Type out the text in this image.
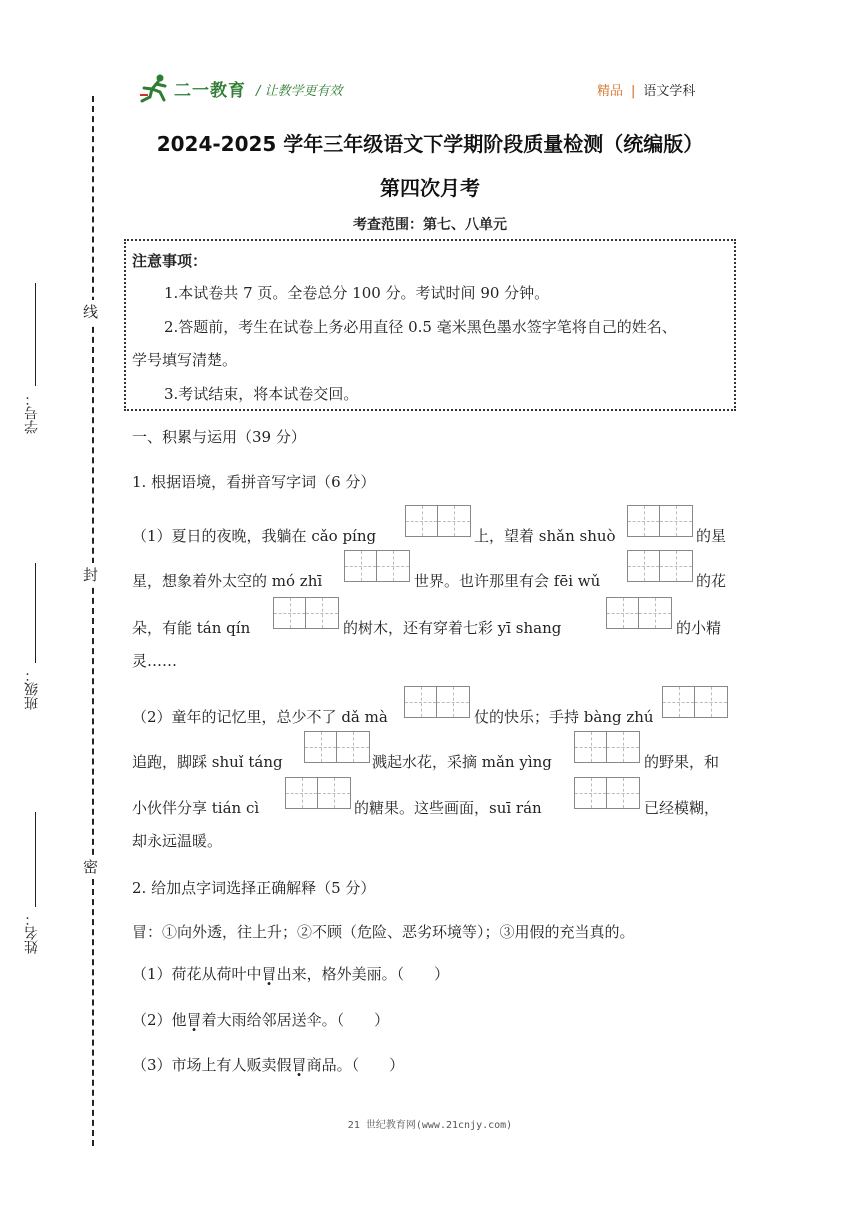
二一教育 / 让教学更有效	精品 | 语文学科
2024-2025 学年三年级语文下学期阶段质量检测（统编版）
第四次月考
考查范围：第七、八单元
注意事项：
1.本试卷共 7 页。全卷总分 100 分。考试时间 90 分钟。
2.答题前，考生在试卷上务必用直径 0.5 毫米黑色墨水签字笔将自己的姓名、
学号填写清楚。
3.考试结束，将本试卷交回。
一、积累与运用（39 分）
1. 根据语境，看拼音写字词（6 分）
（1）夏日的夜晚，我躺在 cǎo píng	上，望着 shǎn shuò	的星
星，想象着外太空的 mó zhī	世界。也许那里有会 fēi wǔ	的花
朵，有能 tán qín	的树木，还有穿着七彩 yī shang	的小精
灵……
（2）童年的记忆里，总少不了 dǎ mà	仗的快乐；手持 bàng zhú
追跑，脚踩 shuǐ táng	溅起水花，采摘 mǎn yìng	的野果，和
小伙伴分享 tián cì	的糖果。这些画面，suī rán	已经模糊，
却永远温暖。
2. 给加点字词选择正确解释（5 分）
冒：①向外透，往上升；②不顾（危险、恶劣环境等）；③用假的充当真的。
（1）荷花从荷叶中冒出来，格外美丽。（　　）
（2）他冒着大雨给邻居送伞。（　　）
（3）市场上有人贩卖假冒商品。（　　）
线
封
密
学号：
班级：
姓名：
21 世纪教育网(www.21cnjy.com)
